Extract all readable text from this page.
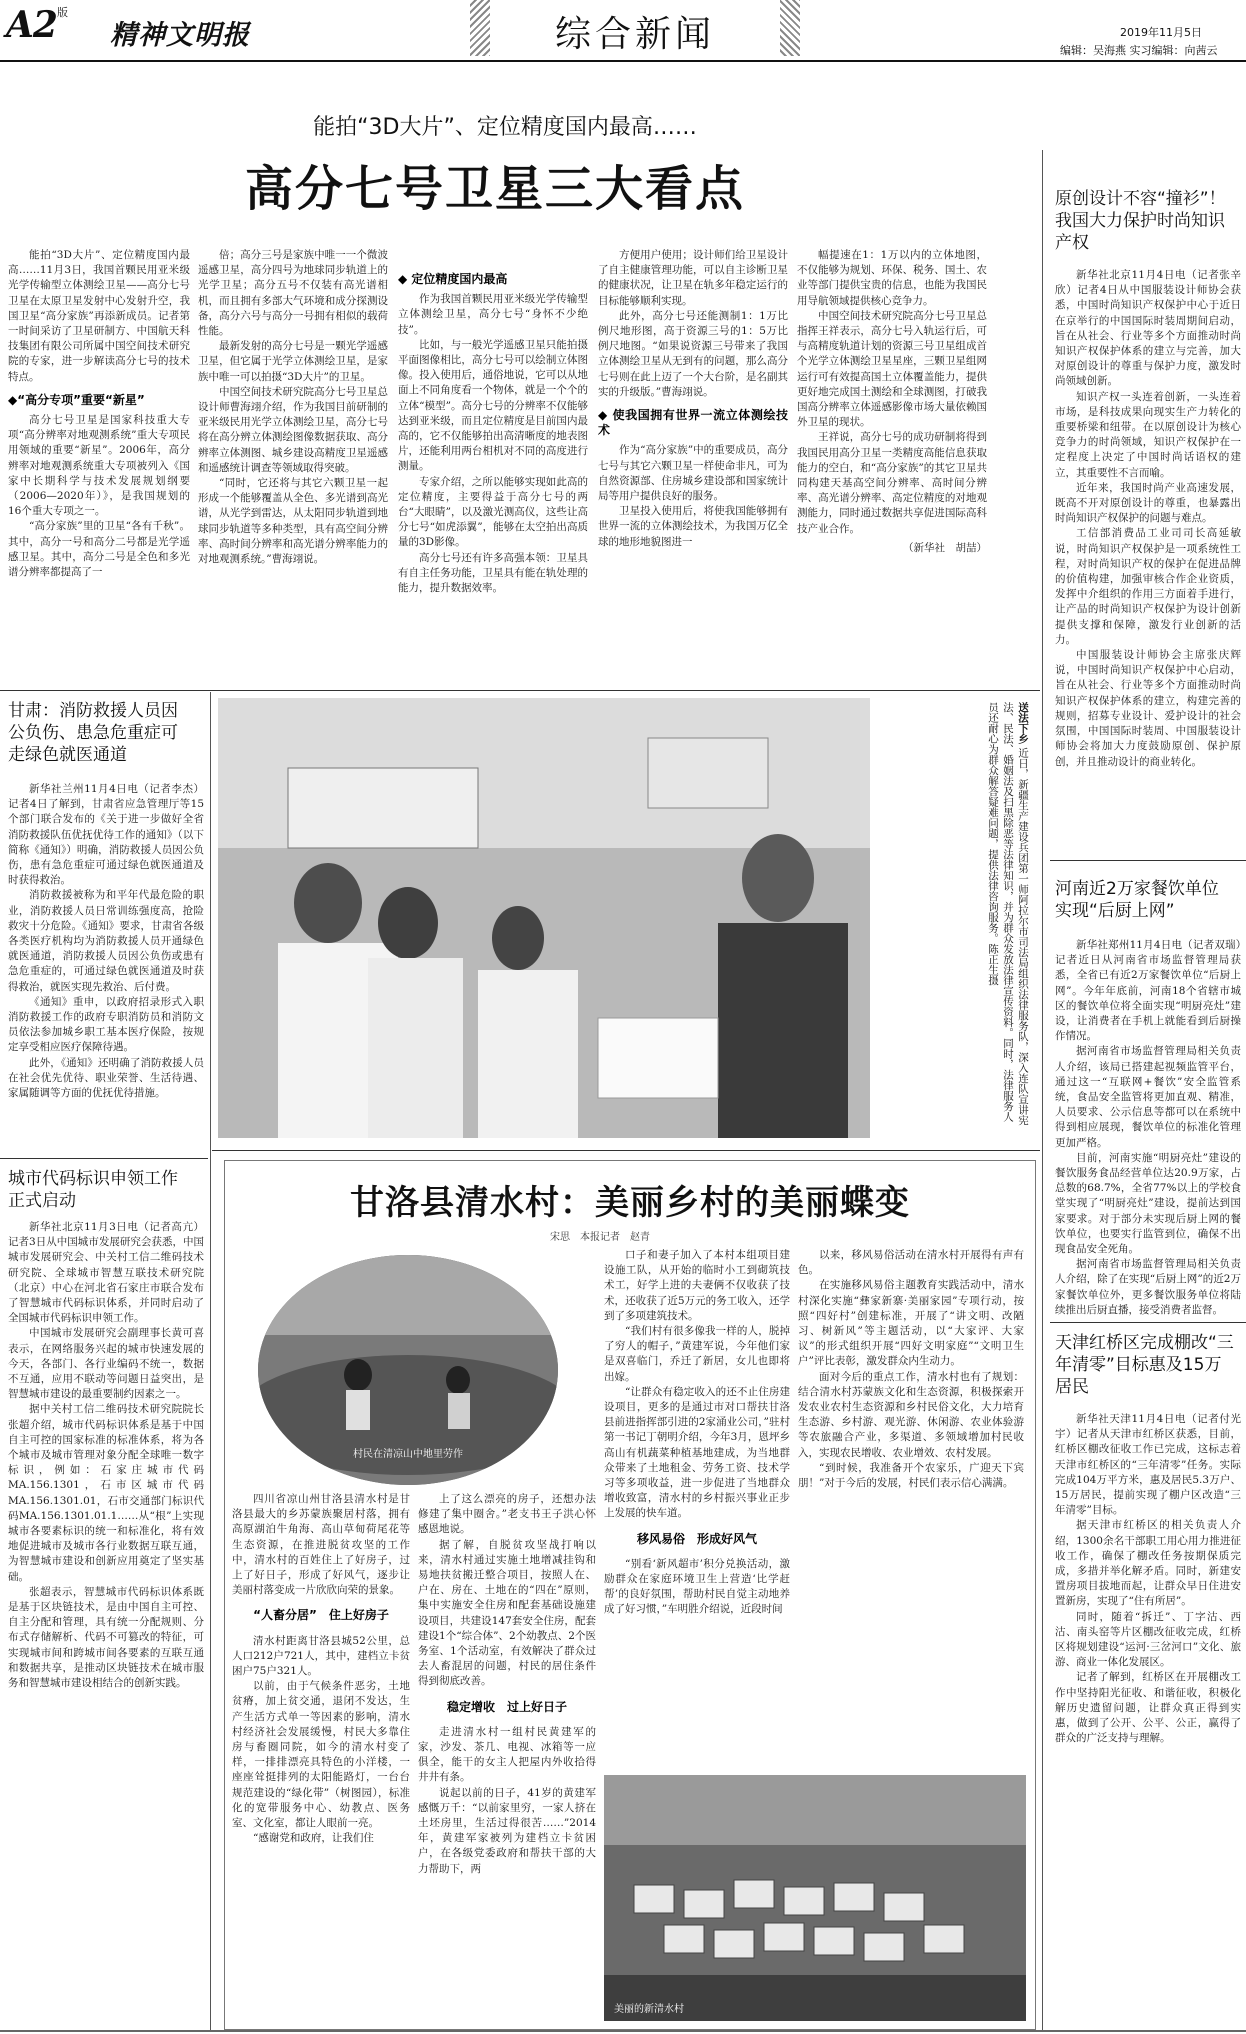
$A2^版$
精神文明报	综合新闻	2019年11月5日
编辑：吴海燕 实习编辑：向茜云
能拍“3D大片”、定位精度国内最高……
高分七号卫星三大看点

能拍“3D大片”、定位精度国内最高……11月3日，我国首颗民用亚米级光学传输型立体测绘卫星——高分七号卫星在太原卫星发射中心发射升空，我国卫星“高分家族”再添新成员。记者第一时间采访了卫星研制方、中国航天科技集团有限公司所属中国空间技术研究院的专家，进一步解读高分七号的技术特点。

◆“高分专项”重要“新星”

高分七号卫星是国家科技重大专项“高分辨率对地观测系统”重大专项民用领域的重要“新星”。2006年，高分辨率对地观测系统重大专项被列入《国家中长期科学与技术发展规划纲要（2006—2020年）》，是我国规划的16个重大专项之一。

“高分家族”里的卫星“各有千秋”。其中，高分一号和高分二号都是光学遥感卫星。其中，高分二号是全色和多光谱分辨率都提高了一

倍；高分三号是家族中唯一一个微波遥感卫星，高分四号为地球同步轨道上的光学卫星；高分五号不仅装有高光谱相机，而且拥有多部大气环境和成分探测设备，高分六号与高分一号拥有相似的载荷性能。

最新发射的高分七号是一颗光学遥感卫星，但它属于光学立体测绘卫星，是家族中唯一可以拍摄“3D大片”的卫星。

中国空间技术研究院高分七号卫星总设计师曹海翊介绍，作为我国目前研制的亚米级民用光学立体测绘卫星，高分七号将在高分辨立体测绘图像数据获取、高分辨率立体测图、城乡建设高精度卫星遥感和遥感统计调查等领域取得突破。

“同时，它还将与其它六颗卫星一起形成一个能够覆盖从全色、多光谱到高光谱，从光学到雷达，从太阳同步轨道到地球同步轨道等多种类型，具有高空间分辨率、高时间分辨率和高光谱分辨率能力的对地观测系统。”曹海翊说。

◆ 定位精度国内最高

作为我国首颗民用亚米级光学传输型立体测绘卫星，高分七号“身怀不少绝技”。

比如，与一般光学遥感卫星只能拍摄平面图像相比，高分七号可以绘制立体图像。投入使用后，通俗地说，它可以从地面上不同角度看一个物体，就是一个个的立体“模型”。高分七号的分辨率不仅能够达到亚米级，而且定位精度是目前国内最高的，它不仅能够拍出高清晰度的地表图片，还能利用两台相机对不同的高度进行测量。

专家介绍，之所以能够实现如此高的定位精度，主要得益于高分七号的两台“大眼睛”，以及激光测高仪，这些让高分七号“如虎添翼”，能够在太空拍出高质量的3D影像。

高分七号还有许多高强本领：卫星具有自主任务功能，卫星具有能在轨处理的能力，提升数据效率。

方便用户使用；设计师们给卫星设计了自主健康管理功能，可以自主诊断卫星的健康状况，让卫星在轨多年稳定运行的目标能够顺利实现。

此外，高分七号还能测制1：1万比例尺地形图，高于资源三号的1：5万比例尺地图。“如果说资源三号带来了我国立体测绘卫星从无到有的问题，那么高分七号则在此上迈了一个大台阶，是名副其实的升级版。”曹海翊说。

◆ 使我国拥有世界一流立体测绘技术

作为“高分家族”中的重要成员，高分七号与其它六颗卫星一样使命非凡，可为自然资源部、住房城乡建设部和国家统计局等用户提供良好的服务。

卫星投入使用后，将使我国能够拥有世界一流的立体测绘技术，为我国万亿全球的地形地貌图进一

幅提速在1：1万以内的立体地图，不仅能够为规划、环保、税务、国土、农业等部门提供宝贵的信息，也能为我国民用导航领域提供核心竞争力。

中国空间技术研究院高分七号卫星总指挥王祥表示，高分七号入轨运行后，可与高精度轨道计划的资源三号卫星组成首个光学立体测绘卫星星座，三颗卫星组网运行可有效提高国土立体覆盖能力，提供更好地完成国土测绘和全球测图，打破我国高分辨率立体遥感影像市场大量依赖国外卫星的现状。

王祥说，高分七号的成功研制将得到我国民用高分卫星一类精度高能信息获取能力的空白，和“高分家族”的其它卫星共同构建天基高空间分辨率、高时间分辨率、高光谱分辨率、高定位精度的对地观测能力，同时通过数据共享促进国际高科技产业合作。

（新华社　胡喆）
原创设计不容“撞衫”！我国大力保护时尚知识产权

新华社北京11月4日电（记者张辛欣）记者4日从中国服装设计师协会获悉，中国时尚知识产权保护中心于近日在京举行的中国国际时装周期间启动，旨在从社会、行业等多个方面推动时尚知识产权保护体系的建立与完善，加大对原创设计的尊重与保护力度，激发时尚领域创新。

知识产权一头连着创新，一头连着市场，是科技成果向现实生产力转化的重要桥梁和纽带。在以原创设计为核心竞争力的时尚领域，知识产权保护在一定程度上决定了中国时尚话语权的建立，其重要性不言而喻。

近年来，我国时尚产业高速发展，既高不开对原创设计的尊重，也暴露出时尚知识产权保护的问题与难点。

工信部消费品工业司司长高延敏说，时尚知识产权保护是一项系统性工程，对时尚知识产权的保护在促进品牌的价值构建，加强审核合作企业资质，发挥中介组织的作用三方面着手进行，让产品的时尚知识产权保护为设计创新提供支撑和保障，激发行业创新的活力。

中国服装设计师协会主席张庆辉说，中国时尚知识产权保护中心启动，旨在从社会、行业等多个方面推动时尚知识产权保护体系的建立，构建完善的规则，招募专业设计、爱护设计的社会氛围，中国国际时装周、中国服装设计师协会将加大力度鼓励原创、保护原创，并且推动设计的商业转化。

甘肃：消防救援人员因公负伤、患急危重症可走绿色就医通道

新华社兰州11月4日电（记者李杰）记者4日了解到，甘肃省应急管理厅等15个部门联合发布的《关于进一步做好全省消防救援队伍优抚优待工作的通知》（以下简称《通知》）明确，消防救援人员因公负伤，患有急危重症可通过绿色就医通道及时获得救治。

消防救援被称为和平年代最危险的职业，消防救援人员日常训练强度高，抢险救灾十分危险。《通知》要求，甘肃省各级各类医疗机构均为消防救援人员开通绿色就医通道，消防救援人员因公负伤或患有急危重症的，可通过绿色就医通道及时获得救治，就医实现先救治、后付费。

《通知》重申，以政府招录形式入职消防救援工作的政府专职消防员和消防文员依法参加城乡职工基本医疗保险，按规定享受相应医疗保障待遇。

此外，《通知》还明确了消防救援人员在社会优先优待、职业荣誉、生活待遇、家属随调等方面的优抚优待措施。

送法下乡 近日，新疆生产建设兵团第一师阿拉尔市司法局组织法律服务队，深入连队宣讲宪法、民法、婚姻法及扫黑除恶等法律知识，并为群众发放法律宣传资料。同时，法律服务人员还耐心为群众解答疑难问题，提供法律咨询服务。陈正生摄
城市代码标识申领工作正式启动

新华社北京11月3日电（记者高亢）记者3日从中国城市发展研究会获悉，中国城市发展研究会、中关村工信二维码技术研究院、全球城市智慧互联技术研究院（北京）中心在河北省石家庄市联合发布了智慧城市代码标识体系，并同时启动了全国城市代码标识申领工作。

中国城市发展研究会副理事长黄可喜表示，在网络服务兴起的城市快速发展的今天，各部门、各行业编码不统一，数据不互通，应用不联动等问题日益突出，是智慧城市建设的最重要制约因素之一。

据中关村工信二维码技术研究院院长张超介绍，城市代码标识体系是基于中国自主可控的国家标准的标准体系，将为各个城市及城市管理对象分配全球唯一数字标识，例如：石家庄城市代码MA.156.1301，石市区城市代码MA.156.1301.01，石市交通部门标识代码MA.156.1301.01.1……从“根”上实现城市各要素标识的统一和标准化，将有效地促进城市及城市各行业数据互联互通，为智慧城市建设和创新应用奠定了坚实基础。

张超表示，智慧城市代码标识体系既是基于区块链技术，是由中国自主可控、自主分配和管理，具有统一分配规则、分布式存储解析、代码不可篡改的特征，可实现城市间和跨城市间各要素的互联互通和数据共享，是推动区块链技术在城市服务和智慧城市建设相结合的创新实践。

甘洛县清水村：美丽乡村的美丽蝶变
宋思　本报记者　赵青
村民在清凉山中地里劳作

四川省凉山州甘洛县清水村是甘洛县最大的乡苏蒙族聚居村落，拥有高原湖泊牛角海、高山草甸荷尾花等生态资源，在推进脱贫攻坚的工作中，清水村的百姓住上了好房子，过上了好日子，形成了好风气，逐步让美丽村落变成一片欣欣向荣的景象。

“人畜分居”　住上好房子

清水村距离甘洛县城52公里，总人口212户721人，其中，建档立卡贫困户75户321人。

以前，由于气候条件恶劣，土地贫瘠，加上贫交通，退闭不发达，生产生活方式单一等因素的影响，清水村经济社会发展缓慢，村民大多靠住房与畜圈同院，如今的清水村变了样，一排排漂亮具特色的小洋楼，一座座耸挺排列的太阳能路灯，一台台规范建设的“绿化带”（树图园），标准化的宽带服务中心、幼教点、医务室、文化室，都让人眼前一亮。

“感谢党和政府，让我们住

上了这么漂亮的房子，还想办法修建了集中圈舍。”老支书王子洪心怀感恩地说。

据了解，自脱贫攻坚战打响以来，清水村通过实施土地增减挂钩和易地扶贫搬迁整合项目，按照人在、户在、房在、土地在的“四在”原则，集中实施安全住房和配套基础设施建设项目，共建设147套安全住房，配套建设1个“综合体”、2个幼教点、2个医务室、1个活动室，有效解决了群众过去人畜混居的问题，村民的居住条件得到彻底改善。

稳定增收　过上好日子

走进清水村一组村民黄建军的家，沙发、茶几、电视、冰箱等一应俱全，能干的女主人把屋内外收拾得井井有条。

说起以前的日子，41岁的黄建军感慨万千：“以前家里穷，一家人挤在土坯房里，生活过得很苦……”2014年，黄建军家被列为建档立卡贫困户，在各级党委政府和帮扶干部的大力帮助下，两

口子和妻子加入了本村本组项目建设施工队，从开始的临时小工到砌筑技术工，好学上进的夫妻俩不仅收获了技术，还收获了近5万元的务工收入，还学到了多项建筑技术。

“我们村有很多像我一样的人，脱掉了穷人的帽子，”黄建军说，今年他们家是双喜临门，乔迁了新居，女儿也即将出嫁。

“让群众有稳定收入的还不止住房建设项目，更多的是通过市对口帮扶甘洛县前进指挥部引进的2家涌业公司，”驻村第一书记丁朝明介绍，今年3月，恩坪乡高山有机蔬菜种植基地建成，为当地群众带来了土地租金、劳务工资、技术学习等多项收益，进一步促进了当地群众增收致富，清水村的乡村振兴事业正步上发展的快车道。

移风易俗　形成好风气

“别看‘新风超市’积分兑换活动，激励群众在家庭环境卫生上营造‘比学赶帮’的良好氛围，帮助村民自觉主动地养成了好习惯，”车明胜介绍说，近段时间

以来，移风易俗活动在清水村开展得有声有色。

在实施移风易俗主题教育实践活动中，清水村深化实施“彝家新寨·美丽家园”专项行动，按照“四好村”创建标准，开展了“讲文明、改陋习、树新风”等主题活动，以“大家评、大家议”的形式组织开展“四好文明家庭”“文明卫生户”评比表彰，激发群众内生动力。

面对今后的重点工作，清水村也有了规划：结合清水村苏蒙族文化和生态资源，积极探索开发农业农村生态资源和乡村民俗文化，大力培育生态游、乡村游、观光游、休闲游、农业体验游等农旅融合产业，多渠道、多领域增加村民收入，实现农民增收、农业增效、农村发展。

“到时候，我准备开个农家乐，广迎天下宾朋！”对于今后的发展，村民们表示信心满满。

美丽的新清水村
河南近2万家餐饮单位实现“后厨上网”

新华社郑州11月4日电（记者双瑞）记者近日从河南省市场监督管理局获悉，全省已有近2万家餐饮单位“后厨上网”。今年年底前，河南18个省辖市城区的餐饮单位将全面实现“明厨亮灶”建设，让消费者在手机上就能看到后厨操作情况。

据河南省市场监督管理局相关负责人介绍，该局已搭建起视频监管平台，通过这一“互联网+餐饮”安全监管系统，食品安全监管将更加直观、精准，人员要求、公示信息等都可以在系统中得到相应展现，餐饮单位的标准化管理更加严格。

目前，河南实施“明厨亮灶”建设的餐饮服务食品经营单位达20.9万家，占总数的68.7%，全省77%以上的学校食堂实现了“明厨亮灶”建设，提前达到国家要求。对于部分未实现后厨上网的餐饮单位，也要实行监管到位，确保不出现食品安全死角。

据河南省市场监督管理局相关负责人介绍，除了在实现“后厨上网”的近2万家餐饮单位外，更多餐饮服务单位将陆续推出后厨直播，接受消费者监督。

天津红桥区完成棚改“三年清零”目标惠及15万居民

新华社天津11月4日电（记者付光宇）记者从天津市红桥区获悉，目前，红桥区棚改征收工作已完成，这标志着天津市红桥区的“三年清零”任务。实际完成104万平方米，惠及居民5.3万户、15万居民，提前实现了棚户区改造“三年清零”目标。

据天津市红桥区的相关负责人介绍，1300余名干部职工用心用力推进征收工作，确保了棚改任务按期保质完成，多措并举化解矛盾。同时，新建安置房项目拔地而起，让群众早日住进安置新房，实现了“住有所居”。

同时，随着“拆迁”、丁字沽、西沽、南头窑等片区棚改征收完成，红桥区将规划建设“运河·三岔河口”文化、旅游、商业一体化发展区。

记者了解到，红桥区在开展棚改工作中坚持阳光征收、和谐征收，积极化解历史遗留问题，让群众真正得到实惠，做到了公开、公平、公正，赢得了群众的广泛支持与理解。
